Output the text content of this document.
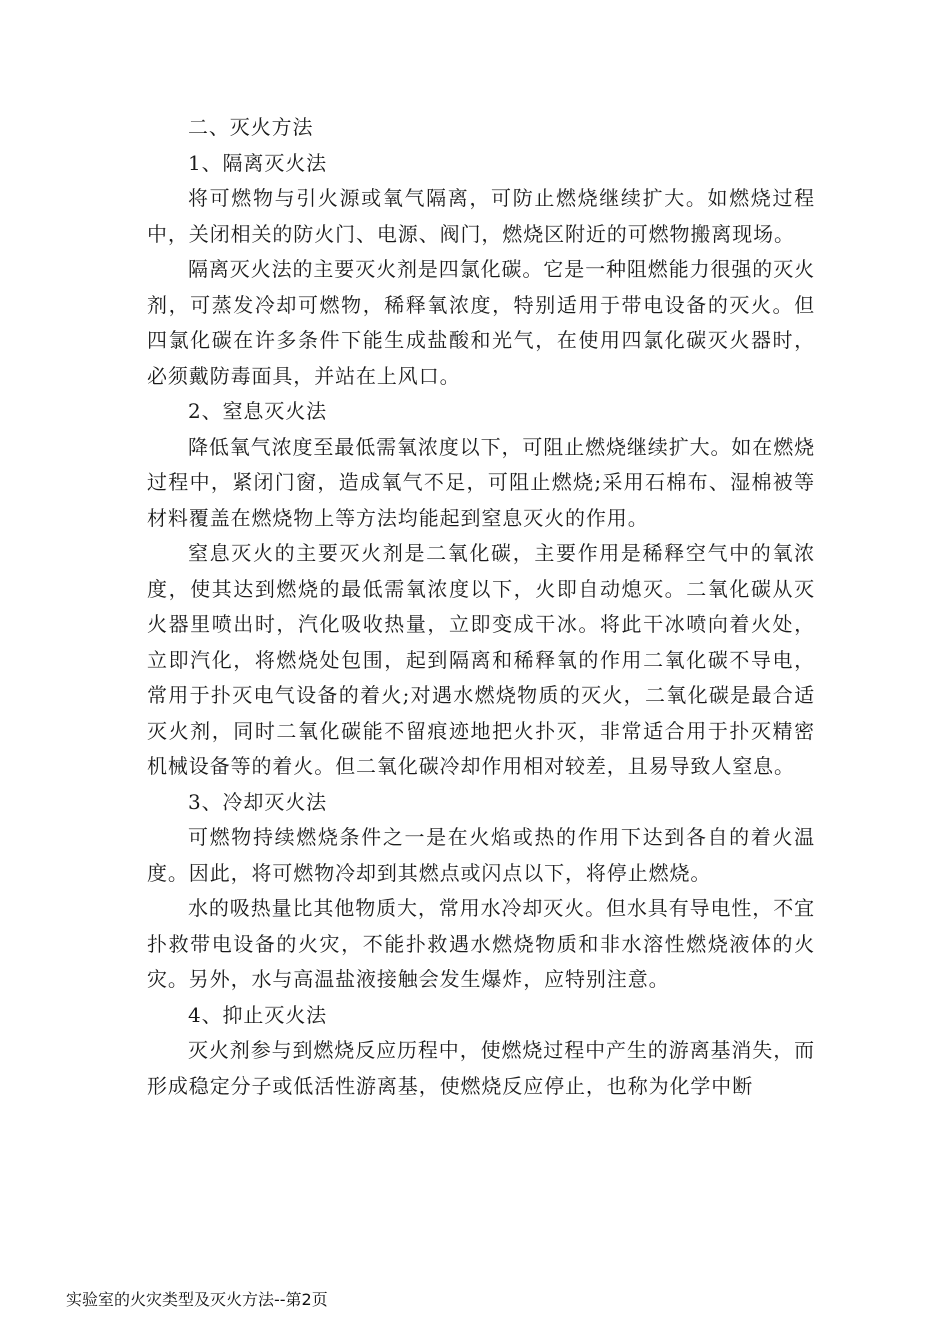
二、灭火方法

1、隔离灭火法

将可燃物与引火源或氧气隔离，可防止燃烧继续扩大。如燃烧过程中，关闭相关的防火门、电源、阀门，燃烧区附近的可燃物搬离现场。

隔离灭火法的主要灭火剂是四氯化碳。它是一种阻燃能力很强的灭火剂，可蒸发冷却可燃物，稀释氧浓度，特别适用于带电设备的灭火。但四氯化碳在许多条件下能生成盐酸和光气，在使用四氯化碳灭火器时，必须戴防毒面具，并站在上风口。

2、窒息灭火法

降低氧气浓度至最低需氧浓度以下，可阻止燃烧继续扩大。如在燃烧过程中，紧闭门窗，造成氧气不足，可阻止燃烧;采用石棉布、湿棉被等材料覆盖在燃烧物上等方法均能起到窒息灭火的作用。

窒息灭火的主要灭火剂是二氧化碳，主要作用是稀释空气中的氧浓度，使其达到燃烧的最低需氧浓度以下，火即自动熄灭。二氧化碳从灭火器里喷出时，汽化吸收热量，立即变成干冰。将此干冰喷向着火处，立即汽化，将燃烧处包围，起到隔离和稀释氧的作用二氧化碳不导电，常用于扑灭电气设备的着火;对遇水燃烧物质的灭火，二氧化碳是最合适灭火剂，同时二氧化碳能不留痕迹地把火扑灭，非常适合用于扑灭精密机械设备等的着火。但二氧化碳冷却作用相对较差，且易导致人窒息。

3、冷却灭火法

可燃物持续燃烧条件之一是在火焰或热的作用下达到各自的着火温度。因此，将可燃物冷却到其燃点或闪点以下，将停止燃烧。

水的吸热量比其他物质大，常用水冷却灭火。但水具有导电性，不宜扑救带电设备的火灾，不能扑救遇水燃烧物质和非水溶性燃烧液体的火灾。另外，水与高温盐液接触会发生爆炸，应特别注意。

4、抑止灭火法

灭火剂参与到燃烧反应历程中，使燃烧过程中产生的游离基消失，而形成稳定分子或低活性游离基，使燃烧反应停止，也称为化学中断

实验室的火灾类型及灭火方法--第2页
